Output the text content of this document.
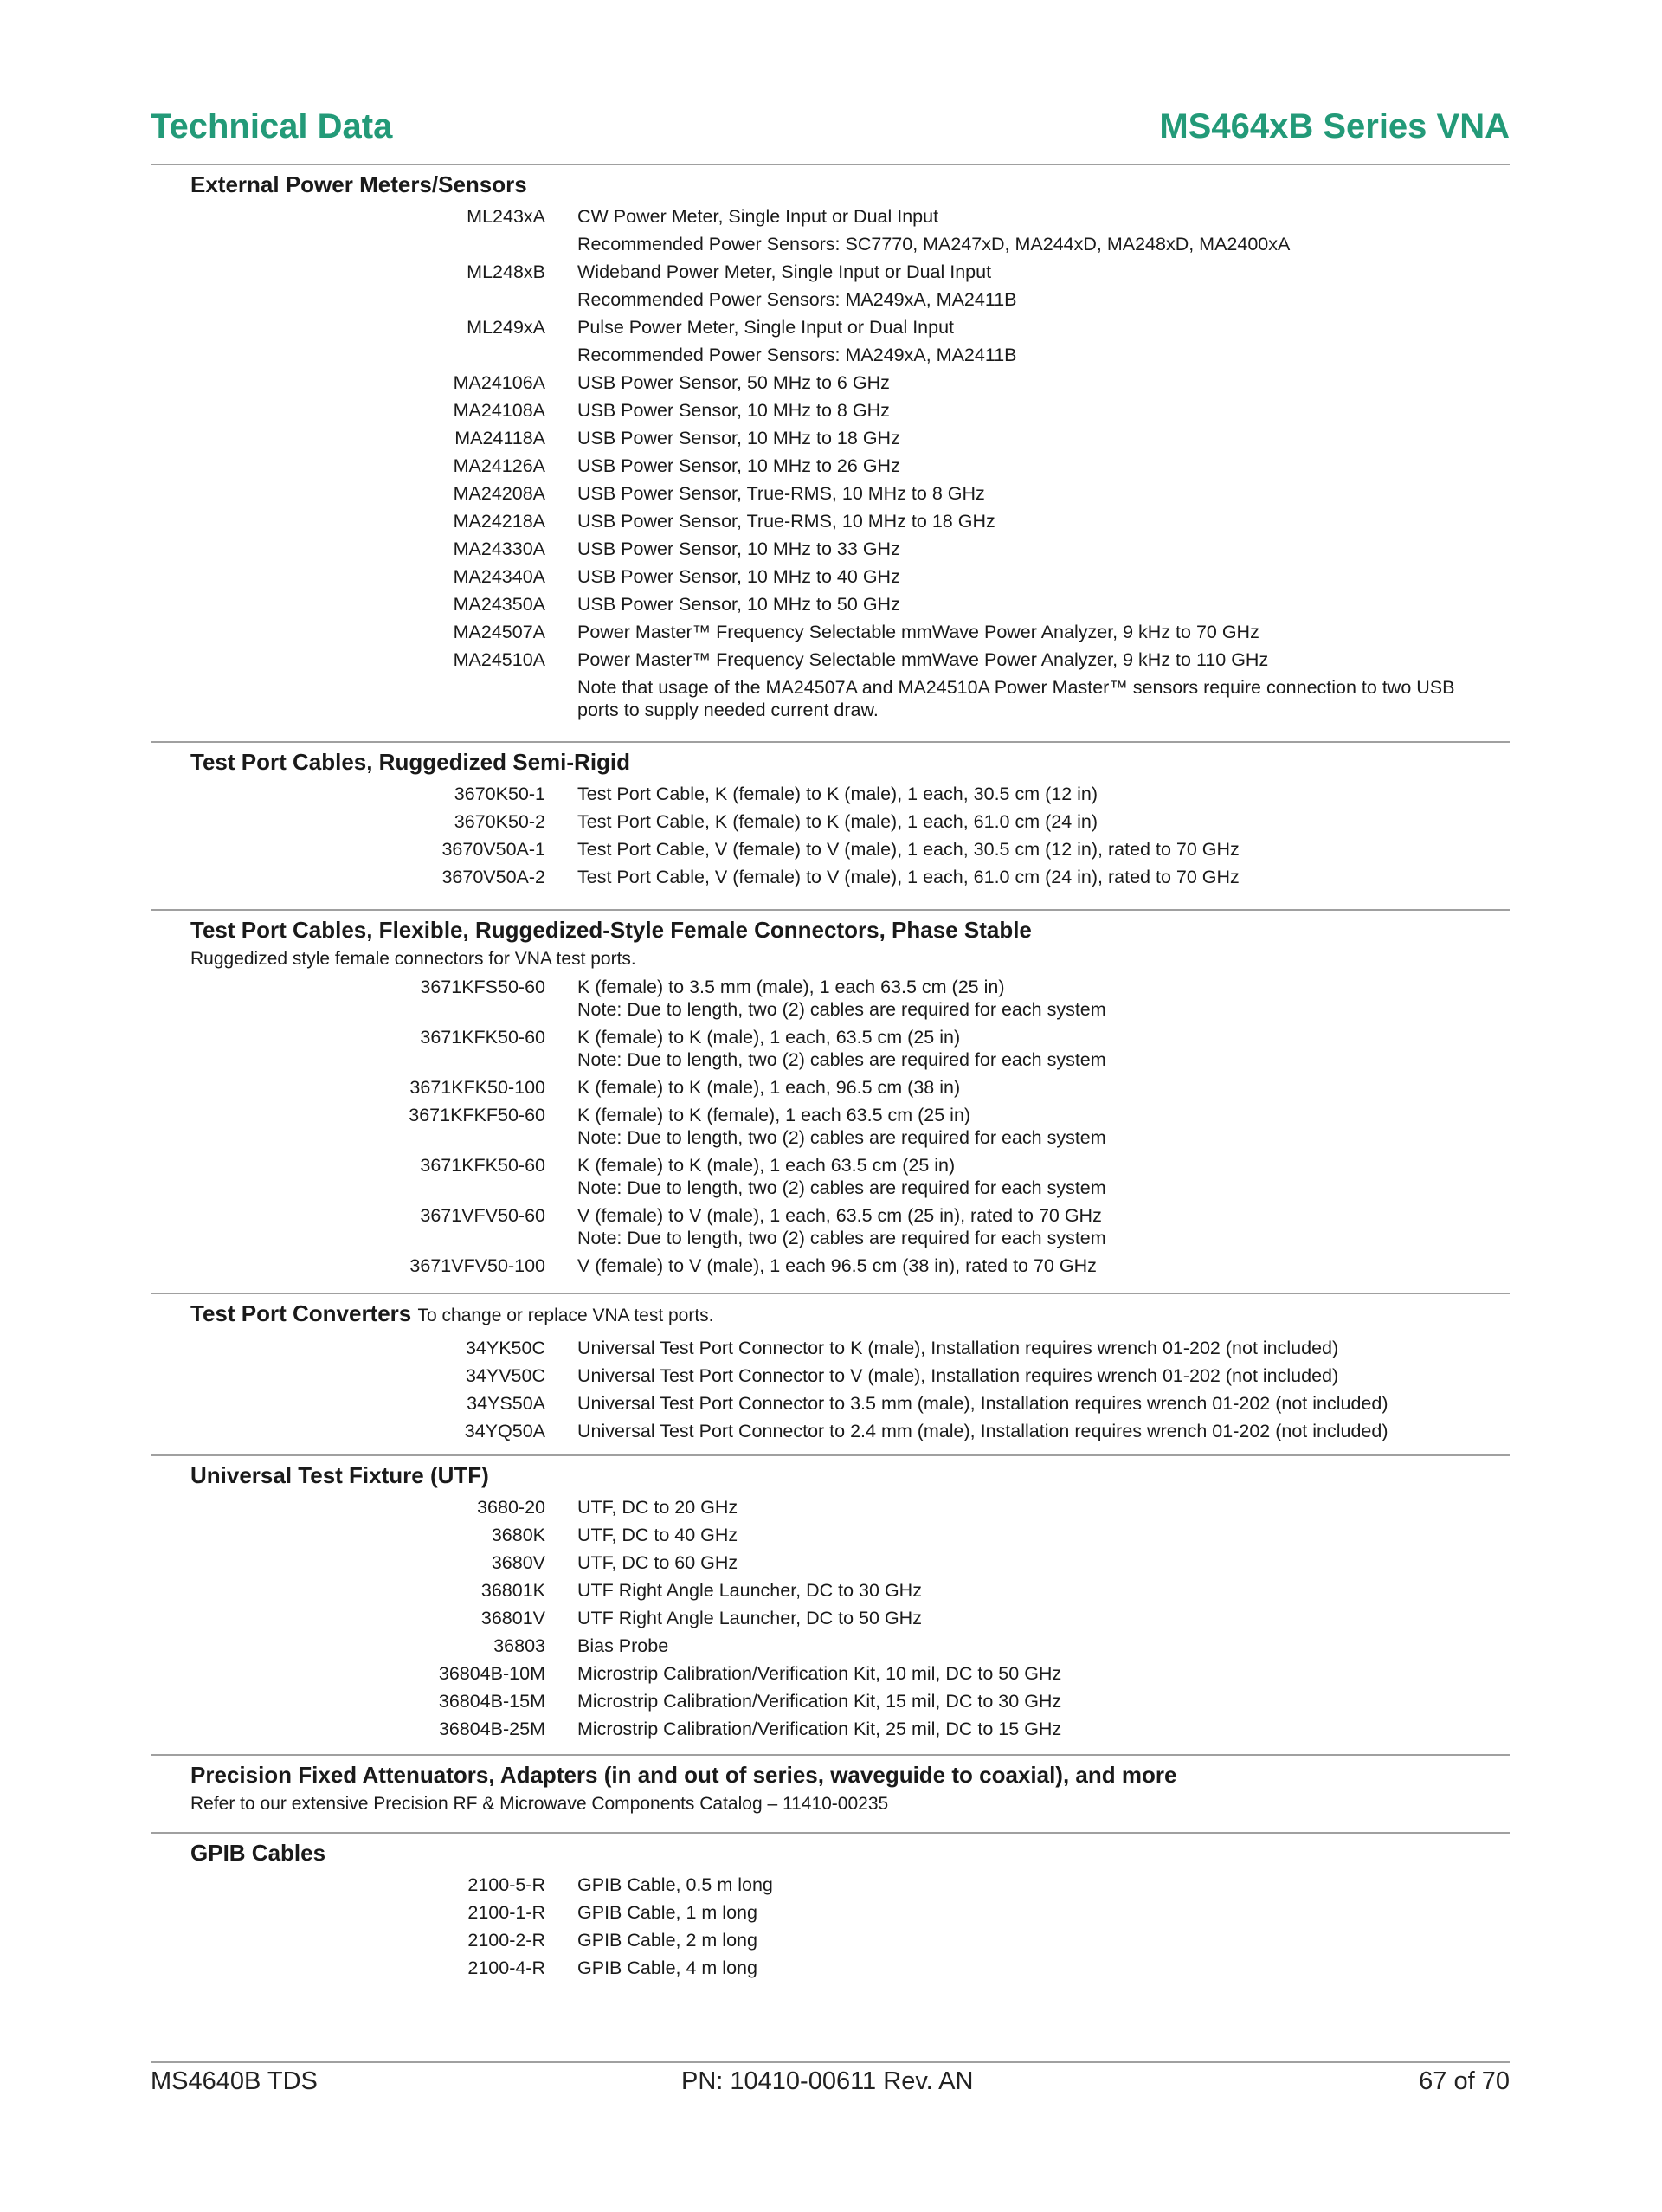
Technical Data	MS464xB Series VNA
External Power Meters/Sensors
ML243xA CW Power Meter, Single Input or Dual Input
Recommended Power Sensors: SC7770, MA247xD, MA244xD, MA248xD, MA2400xA
ML248xB Wideband Power Meter, Single Input or Dual Input
Recommended Power Sensors: MA249xA, MA2411B
ML249xA Pulse Power Meter, Single Input or Dual Input
Recommended Power Sensors: MA249xA, MA2411B
MA24106A USB Power Sensor, 50 MHz to 6 GHz
MA24108A USB Power Sensor, 10 MHz to 8 GHz
MA24118A USB Power Sensor, 10 MHz to 18 GHz
MA24126A USB Power Sensor, 10 MHz to 26 GHz
MA24208A USB Power Sensor, True-RMS, 10 MHz to 8 GHz
MA24218A USB Power Sensor, True-RMS, 10 MHz to 18 GHz
MA24330A USB Power Sensor, 10 MHz to 33 GHz
MA24340A USB Power Sensor, 10 MHz to 40 GHz
MA24350A USB Power Sensor, 10 MHz to 50 GHz
MA24507A Power Master™ Frequency Selectable mmWave Power Analyzer, 9 kHz to 70 GHz
MA24510A Power Master™ Frequency Selectable mmWave Power Analyzer, 9 kHz to 110 GHz
Note that usage of the MA24507A and MA24510A Power Master™ sensors require connection to two USB ports to supply needed current draw.
Test Port Cables, Ruggedized Semi-Rigid
3670K50-1 Test Port Cable, K (female) to K (male), 1 each, 30.5 cm (12 in)
3670K50-2 Test Port Cable, K (female) to K (male), 1 each, 61.0 cm (24 in)
3670V50A-1 Test Port Cable, V (female) to V (male), 1 each, 30.5 cm (12 in), rated to 70 GHz
3670V50A-2 Test Port Cable, V (female) to V (male), 1 each, 61.0 cm (24 in), rated to 70 GHz
Test Port Cables, Flexible, Ruggedized-Style Female Connectors, Phase Stable
Ruggedized style female connectors for VNA test ports.
3671KFS50-60 K (female) to 3.5 mm (male), 1 each 63.5 cm (25 in)
Note: Due to length, two (2) cables are required for each system
3671KFK50-60 K (female) to K (male), 1 each, 63.5 cm (25 in)
Note: Due to length, two (2) cables are required for each system
3671KFK50-100 K (female) to K (male), 1 each, 96.5 cm (38 in)
3671KFKF50-60 K (female) to K (female), 1 each 63.5 cm (25 in)
Note: Due to length, two (2) cables are required for each system
3671KFK50-60 K (female) to K (male), 1 each 63.5 cm (25 in)
Note: Due to length, two (2) cables are required for each system
3671VFV50-60 V (female) to V (male), 1 each, 63.5 cm (25 in), rated to 70 GHz
Note: Due to length, two (2) cables are required for each system
3671VFV50-100 V (female) to V (male), 1 each 96.5 cm (38 in), rated to 70 GHz
Test Port Converters To change or replace VNA test ports.
34YK50C Universal Test Port Connector to K (male), Installation requires wrench 01-202 (not included)
34YV50C Universal Test Port Connector to V (male), Installation requires wrench 01-202 (not included)
34YS50A Universal Test Port Connector to 3.5 mm (male), Installation requires wrench 01-202 (not included)
34YQ50A Universal Test Port Connector to 2.4 mm (male), Installation requires wrench 01-202 (not included)
Universal Test Fixture (UTF)
3680-20 UTF, DC to 20 GHz
3680K UTF, DC to 40 GHz
3680V UTF, DC to 60 GHz
36801K UTF Right Angle Launcher, DC to 30 GHz
36801V UTF Right Angle Launcher, DC to 50 GHz
36803 Bias Probe
36804B-10M Microstrip Calibration/Verification Kit, 10 mil, DC to 50 GHz
36804B-15M Microstrip Calibration/Verification Kit, 15 mil, DC to 30 GHz
36804B-25M Microstrip Calibration/Verification Kit, 25 mil, DC to 15 GHz
Precision Fixed Attenuators, Adapters (in and out of series, waveguide to coaxial), and more
Refer to our extensive Precision RF & Microwave Components Catalog – 11410-00235
GPIB Cables
2100-5-R GPIB Cable, 0.5 m long
2100-1-R GPIB Cable, 1 m long
2100-2-R GPIB Cable, 2 m long
2100-4-R GPIB Cable, 4 m long
MS4640B TDS	PN: 10410-00611 Rev. AN	67 of 70
